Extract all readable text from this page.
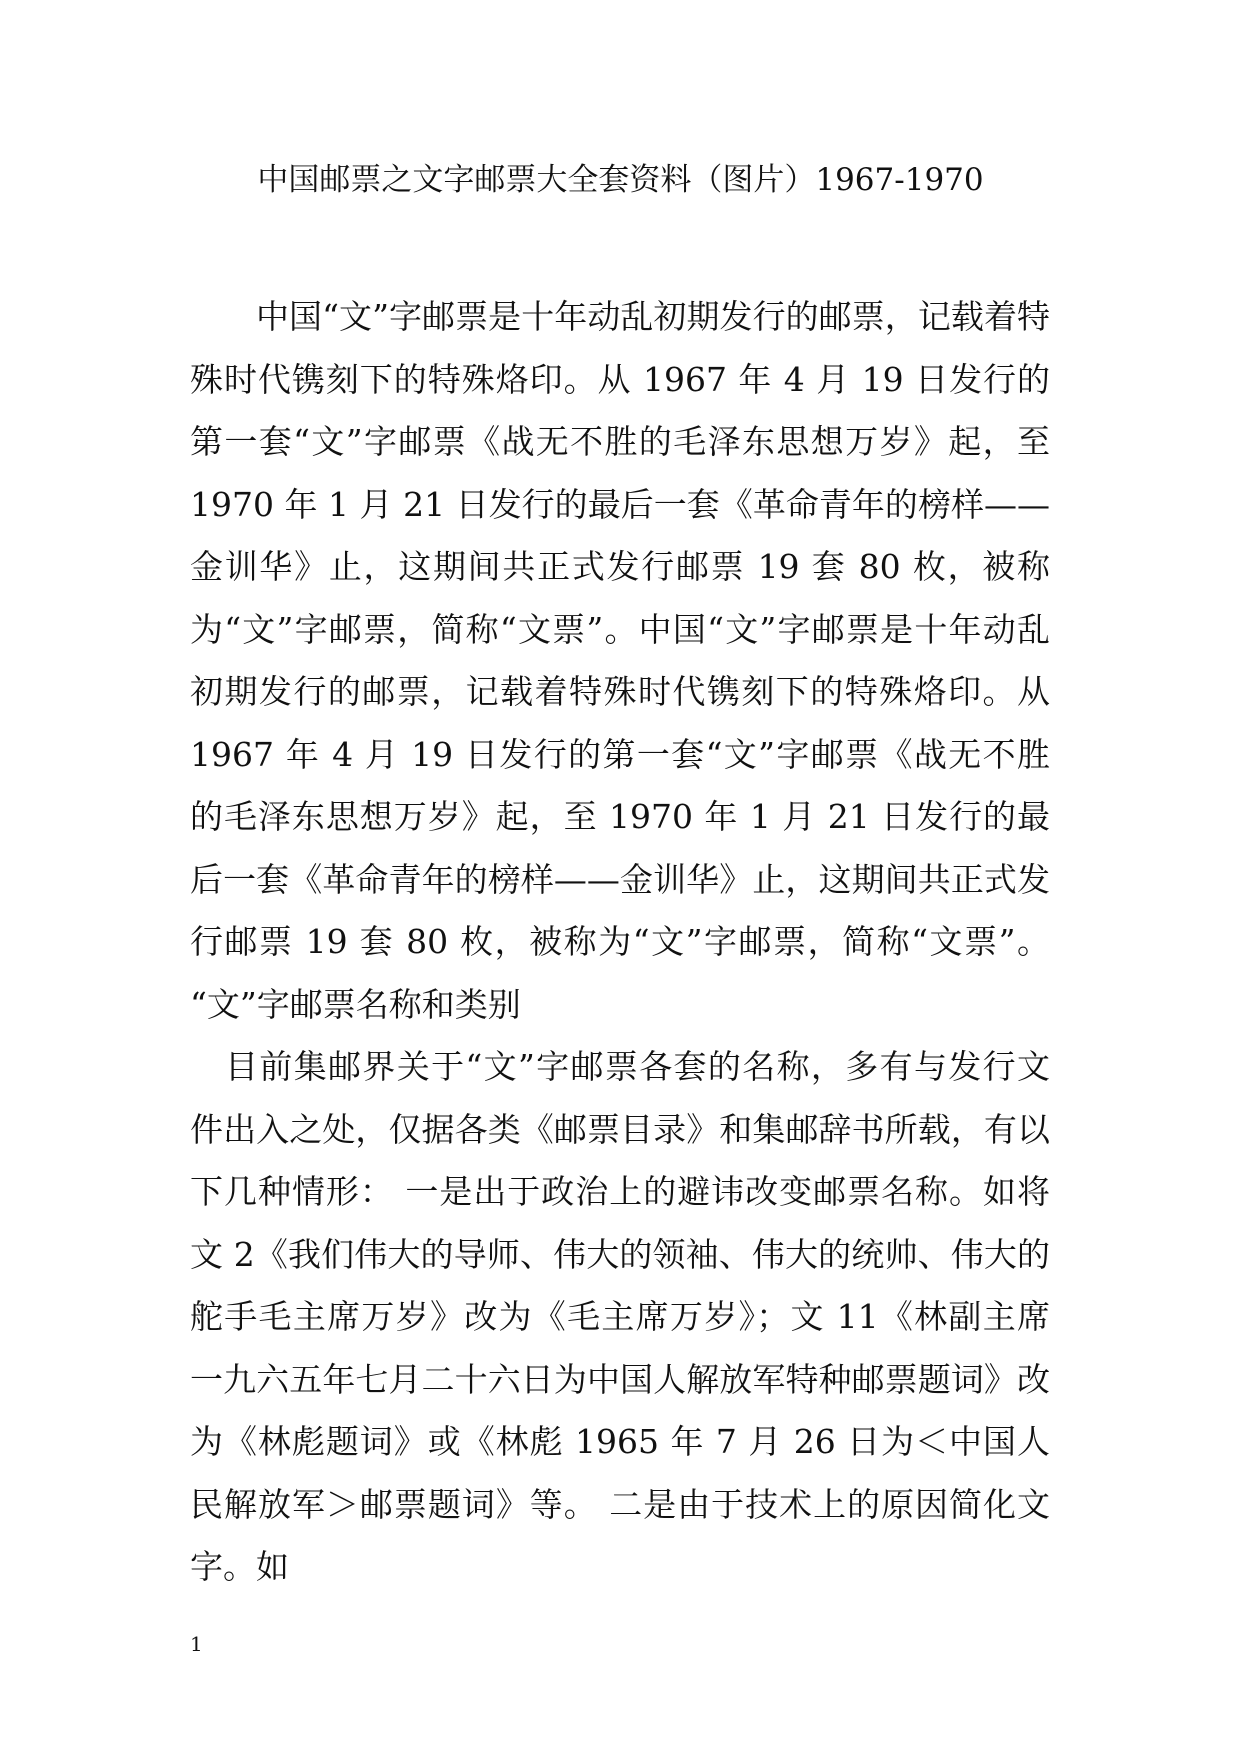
中国邮票之文字邮票大全套资料（图片）1967-1970

中国“文”字邮票是十年动乱初期发行的邮票，记载着特殊时代镌刻下的特殊烙印。从 1967 年 4 月 19 日发行的第一套“文”字邮票《战无不胜的毛泽东思想万岁》起，至 1970 年 1 月 21 日发行的最后一套《革命青年的榜样——金训华》止，这期间共正式发行邮票 19 套 80 枚，被称为“文”字邮票，简称“文票”。中国“文”字邮票是十年动乱初期发行的邮票，记载着特殊时代镌刻下的特殊烙印。从 1967 年 4 月 19 日发行的第一套“文”字邮票《战无不胜的毛泽东思想万岁》起，至 1970 年 1 月 21 日发行的最后一套《革命青年的榜样——金训华》止，这期间共正式发行邮票 19 套 80 枚，被称为“文”字邮票，简称“文票”。 “文”字邮票名称和类别

目前集邮界关于“文”字邮票各套的名称，多有与发行文件出入之处，仅据各类《邮票目录》和集邮辞书所载，有以下几种情形： 一是出于政治上的避讳改变邮票名称。如将文 2《我们伟大的导师、伟大的领袖、伟大的统帅、伟大的舵手毛主席万岁》改为《毛主席万岁》；文 11《林副主席一九六五年七月二十六日为中国人解放军特种邮票题词》改为《林彪题词》或《林彪 1965 年 7 月 26 日为＜中国人民解放军＞邮票题词》等。 二是由于技术上的原因简化文字。如

1
